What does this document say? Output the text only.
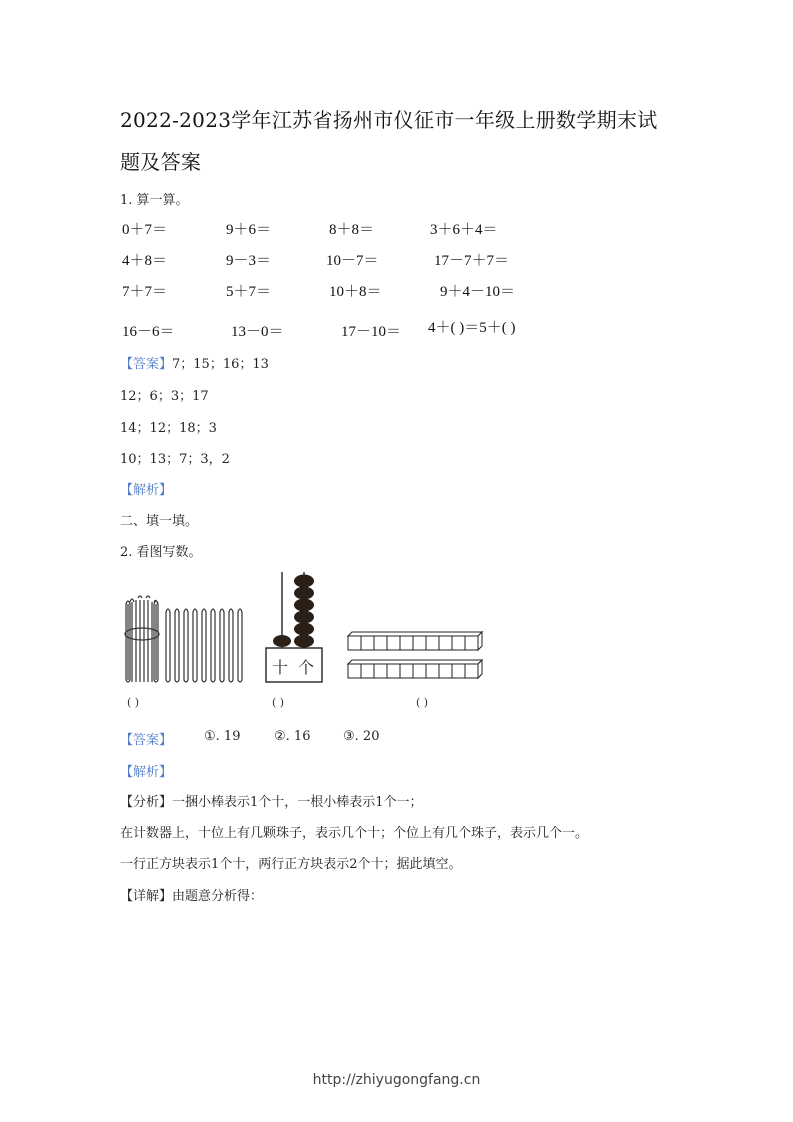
2022-2023学年江苏省扬州市仪征市一年级上册数学期末试
题及答案
1. 算一算。
0＋7＝	9＋6＝	8＋8＝	3＋6＋4＝
4＋8＝	9－3＝	10－7＝	17－7＋7＝
7＋7＝	5＋7＝	10＋8＝	9＋4－10＝
16－6＝	13－0＝	17－10＝ 4＋( )＝5＋( )
【答案】7；15；16；13
12；6；3；17
14；12；18；3
10；13；7；3，2
【解析】
二、填一填。
2. 看图写数。
十 个
( )	( )	( )
【答案】 ①. 19	②. 16	③. 20
【解析】
【分析】一捆小棒表示1个十，一根小棒表示1个一；
在计数器上，十位上有几颗珠子，表示几个十；个位上有几个珠子，表示几个一。
一行正方块表示1个十，两行正方块表示2个十；据此填空。
【详解】由题意分析得：
http://zhiyugongfang.cn
